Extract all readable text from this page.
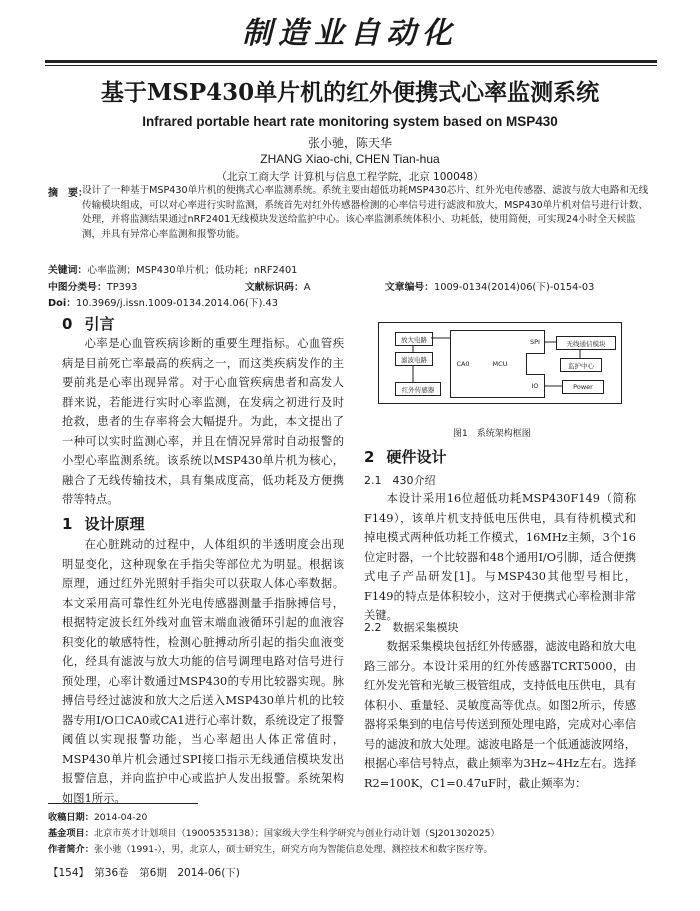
制造业自动化
基于MSP430单片机的红外便携式心率监测系统
Infrared portable heart rate monitoring system based on MSP430
张小驰，陈天华
ZHANG Xiao-chi, CHEN Tian-hua
（北京工商大学 计算机与信息工程学院，北京 100048）
摘　要：
设计了一种基于MSP430单片机的便携式心率监测系统。系统主要由超低功耗MSP430芯片、红外光电传感器、滤波与放大电路和无线传输模块组成，可以对心率进行实时监测，系统首先对红外传感器检测的心率信号进行滤波和放大，MSP430单片机对信号进行计数、处理，并将监测结果通过nRF2401无线模块发送给监护中心。该心率监测系统体积小、功耗低，使用简便，可实现24小时全天候监测，并具有异常心率监测和报警功能。
关键词：心率监测；MSP430单片机；低功耗；nRF2401
中图分类号：TP393	文献标识码：A	文章编号：1009-0134(2014)06(下)-0154-03
Doi：10.3969/j.issn.1009-0134.2014.06(下).43
0 引言

心率是心血管疾病诊断的重要生理指标。心血管疾病是目前死亡率最高的疾病之一，而这类疾病发作的主要前兆是心率出现异常。对于心血管疾病患者和高发人群来说，若能进行实时心率监测，在发病之初进行及时抢救，患者的生存率将会大幅提升。为此，本文提出了一种可以实时监测心率，并且在情况异常时自动报警的小型心率监测系统。该系统以MSP430单片机为核心，融合了无线传输技术，具有集成度高，低功耗及方便携带等特点。

1 设计原理

在心脏跳动的过程中，人体组织的半透明度会出现明显变化，这种现象在手指尖等部位尤为明显。根据该原理，通过红外光照射手指尖可以获取人体心率数据。本文采用高可靠性红外光电传感器测量手指脉搏信号，根据特定波长红外线对血管末端血液循环引起的血液容积变化的敏感特性，检测心脏搏动所引起的指尖血液变化，经具有滤波与放大功能的信号调理电路对信号进行预处理，心率计数通过MSP430的专用比较器实现。脉搏信号经过滤波和放大之后送入MSP430单片机的比较器专用I/O口CA0或CA1进行心率计数，系统设定了报警阈值以实现报警功能，当心率超出人体正常值时，MSP430单片机会通过SPI接口指示无线通信模块发出报警信息，并向监护中心或监护人发出报警。系统架构如图1所示。

放大电路
滤波电路
红外传感器
CA0	MCU
SPI
IO
无线通信模块
监护中心
Power
图1　系统架构框图
2 硬件设计
2.1　430介绍

本设计采用16位超低功耗MSP430F149（简称F149），该单片机支持低电压供电，具有待机模式和掉电模式两种低功耗工作模式，16MHz主频，3个16位定时器，一个比较器和48个通用I/O引脚，适合便携式电子产品研发[1]。与MSP430其他型号相比，F149的特点是体积较小，这对于便携式心率检测非常关键。

2.2　数据采集模块

数据采集模块包括红外传感器，滤波电路和放大电路三部分。本设计采用的红外传感器TCRT5000，由红外发光管和光敏三极管组成，支持低电压供电，具有体积小、重量轻、灵敏度高等优点。如图2所示，传感器将采集到的电信号传送到预处理电路，完成对心率信号的滤波和放大处理。滤波电路是一个低通滤波网络，根据心率信号特点，截止频率为3Hz~4Hz左右。选择R2=100K，C1=0.47uF时，截止频率为：

收稿日期：2014-04-20
基金项目：北京市英才计划项目（19005353138）；国家级大学生科学研究与创业行动计划（SJ201302025）
作者简介：张小驰（1991-），男，北京人，硕士研究生，研究方向为智能信息处理、测控技术和数字医疗等。
【154】　第36卷　第6期　2014-06(下)
